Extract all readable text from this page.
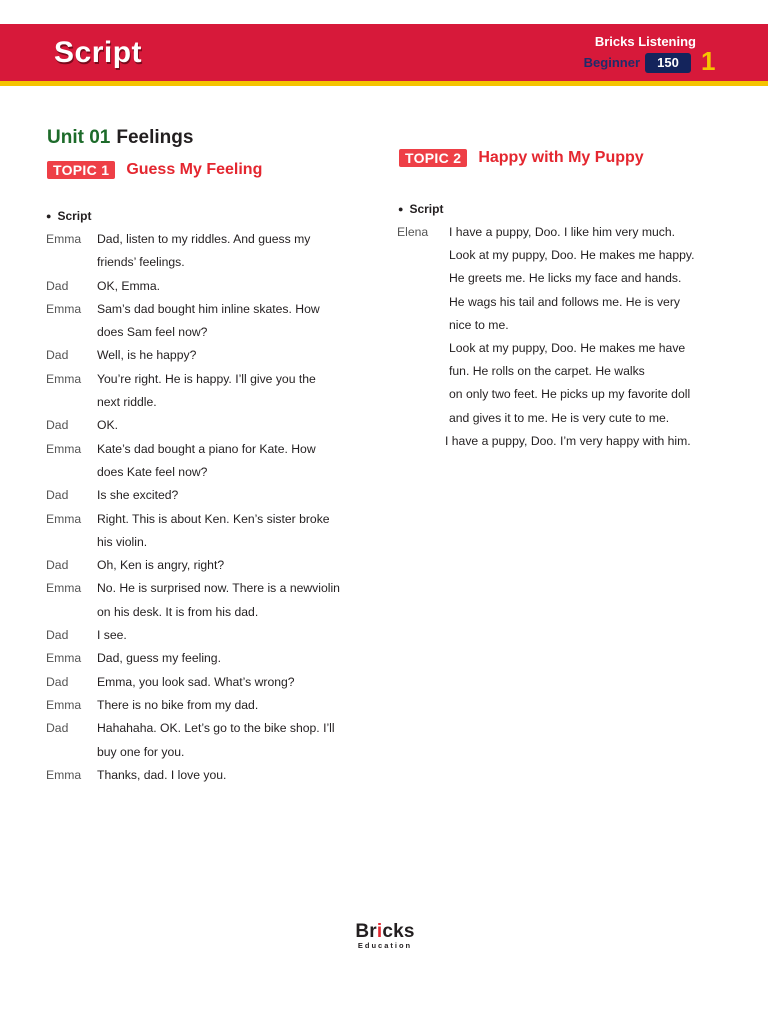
Script	Bricks Listening
Beginner	150 1
Unit 01 Feelings
TOPIC 1	Guess My Feeling
● Script
Emma	Dad, listen to my riddles. And guess my
friends’ feelings.
Dad	OK, Emma.
Emma	Sam’s dad bought him inline skates. How
does Sam feel now?
Dad	Well, is he happy?
Emma	You’re right. He is happy. I’ll give you the
next riddle.
Dad	OK.
Emma	Kate’s dad bought a piano for Kate. How
does Kate feel now?
Dad	Is she excited?
Emma	Right. This is about Ken. Ken’s sister broke
his violin.
Dad	Oh, Ken is angry, right?
Emma	No. He is surprised now. There is a newviolin
on his desk. It is from his dad.
Dad	I see.
Emma	Dad, guess my feeling.
Dad	Emma, you look sad. What’s wrong?
Emma	There is no bike from my dad.
Dad	Hahahaha. OK. Let’s go to the bike shop. I’ll
buy one for you.
Emma	Thanks, dad. I love you.
TOPIC 2	Happy with My Puppy
● Script
Elena I have a puppy, Doo. I like him very much.
Look at my puppy, Doo. He makes me happy.
He greets me. He licks my face and hands.
He wags his tail and follows me. He is very
nice to me.
Look at my puppy, Doo. He makes me have
fun. He rolls on the carpet. He walks
on only two feet. He picks up my favorite doll
and gives it to me. He is very cute to me.
I have a puppy, Doo. I’m very happy with him.
Bricks
Education
